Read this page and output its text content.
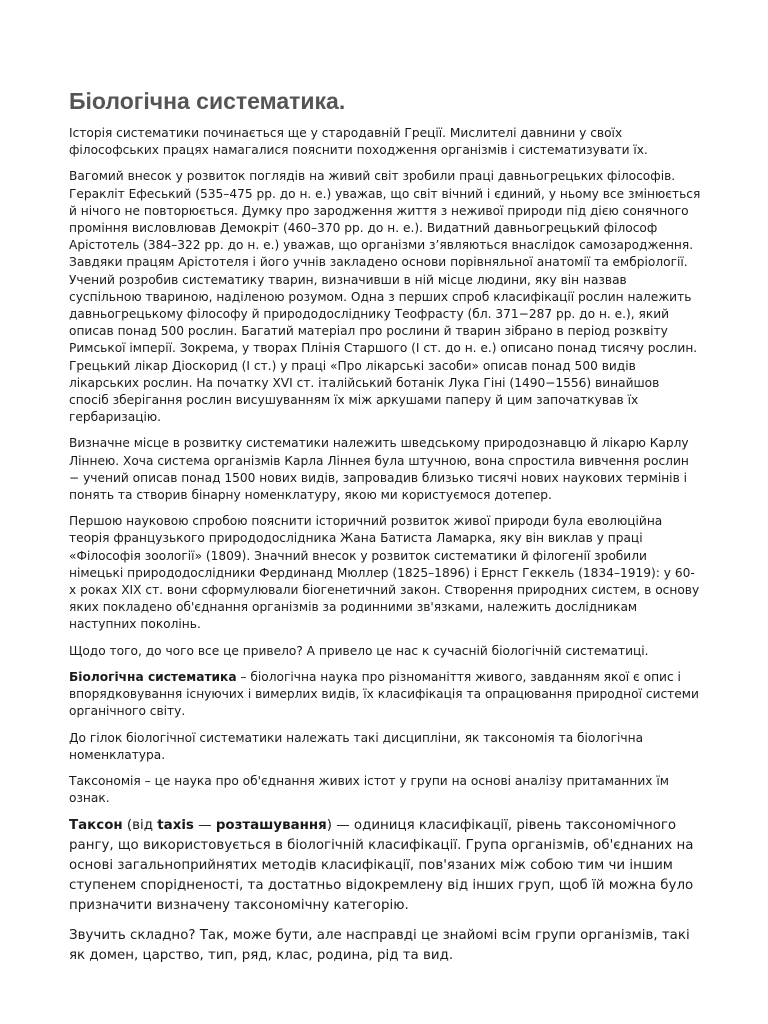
Біологічна систематика.

Історія систематики починається ще у стародавній Греції. Мислителі давнини у своїх філософських працях намагалися пояснити походження організмів і систематизувати їх.

Вагомий внесок у розвиток поглядів на живий світ зробили праці давньогрецьких філософів. Геракліт Ефеський (535–475 рр. до н. е.) уважав, що світ вічний і єдиний, у ньому все змінюється й нічого не повторюється. Думку про зародження життя з неживої природи під дією сонячного проміння висловлював Демокріт (460–370 рр. до н. е.). Видатний давньогрецький філософ Арістотель (384–322 рр. до н. е.) уважав, що організми з’являються внаслідок самозародження. Завдяки працям Арістотеля і його учнів закладено основи порівняльної анатомії та ембріології. Учений розробив систематику тварин, визначивши в ній місце людини, яку він назвав суспільною твариною, наділеною розумом. Одна з перших спроб класифікації рослин належить давньогрецькому філософу й природодослiднику Теофрасту (бл. 371−287 рр. до н. е.), який описав понад 500 рослин. Багатий матеріал про рослини й тварин зібрано в період розквіту Римської імперії. Зокрема, у творах Плінія Старшого (І ст. до н. е.) описано понад тисячу рослин. Грецький лікар Діоскорид (І ст.) у праці «Про лікарські засоби» описав понад 500 видів лікарських рослин. На початку XVI ст. італійський ботанік Лука Гіні (1490−1556) винайшов спосіб зберігання рослин висушуванням їх між аркушами паперу й цим започаткував їх гербаризацію.

Визначне місце в розвитку систематики належить шведському природознавцю й лікарю Карлу Ліннею. Хоча система організмів Карла Ліннея була штучною, вона спростила вивчення рослин − учений описав понад 1500 нових видів, запровадив близько тисячі нових наукових термінів і понять та створив бінарну номенклатуру, якою ми користуємося дотепер.

Першою науковою спробою пояснити історичний розвиток живої природи була еволюційна теорія французького природодослідника Жана Батиста Ламарка, яку він виклав у праці «Філософія зоології» (1809). Значний внесок у розвиток систематики й філогенії зробили німецькі природодослідники Фердинанд Мюллер (1825–1896) і Ернст Геккель (1834–1919): у 60-х роках XIX ст. вони сформулювали біогенетичний закон. Створення природних систем, в основу яких покладено об'єднання організмів за родинними зв'язками, належить дослідникам наступних поколінь.

Щодо того, до чого все це привело? А привело це нас к сучасній біологічній систематиці.

Біологічна систематика – біологічна наука про різноманіття живого, завданням якої є опис і впорядковування існуючих і вимерлих видів, їх класифікація та опрацювання природної системи органічного світу.

До гілок біологічної систематики належать такі дисципліни, як таксономія та біологічна номенклатура.

Таксономія – це наука про об'єднання живих істот у групи на основі аналізу притаманних їм ознак.

Таксон (від taxis — розташування) — одиниця класифікації, рівень таксономічного рангу, що використовується в біологічній класифікації. Група організмів, об'єднаних на основі загальноприйнятих методів класифікації, пов'язаних між собою тим чи іншим ступенем спорідненості, та достатньо відокремлену від інших груп, щоб їй можна було призначити визначену таксономічну категорію.

Звучить складно? Так, може бути, але насправді це знайомі всім групи організмів, такі як домен, царство, тип, ряд, клас, родина, рід та вид.
